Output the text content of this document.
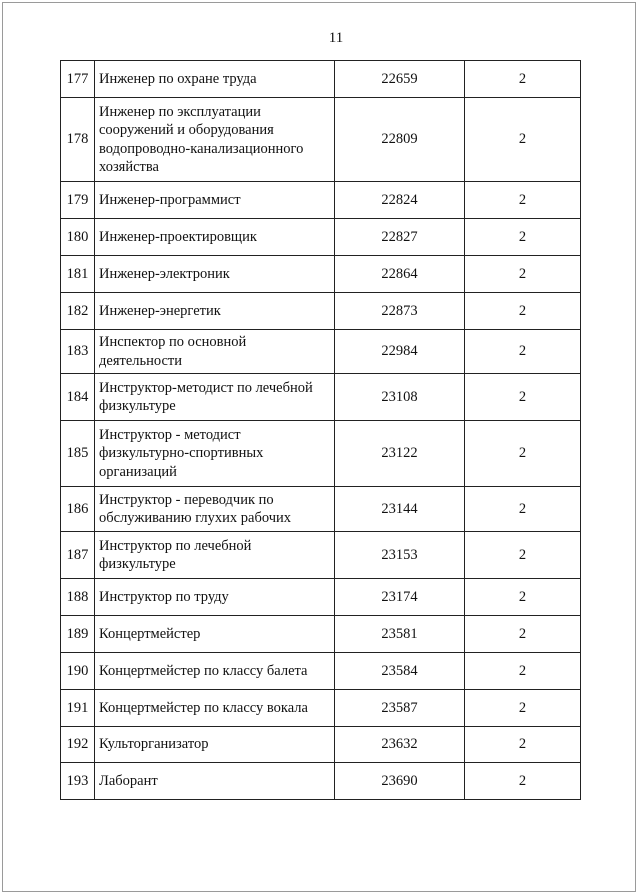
11
177	Инженер по охране труда	22659	2
178	Инженер по эксплуатации сооружений и оборудования водопроводно-канализационного хозяйства	22809	2
179	Инженер-программист	22824	2
180	Инженер-проектировщик	22827	2
181	Инженер-электроник	22864	2
182	Инженер-энергетик	22873	2
183	Инспектор по основной деятельности	22984	2
184	Инструктор-методист по лечебной физкультуре	23108	2
185	Инструктор - методист физкультурно-спортивных организаций	23122	2
186	Инструктор - переводчик по обслуживанию глухих рабочих	23144	2
187	Инструктор по лечебной физкультуре	23153	2
188	Инструктор по труду	23174	2
189	Концертмейстер	23581	2
190	Концертмейстер по классу балета	23584	2
191	Концертмейстер по классу вокала	23587	2
192	Культорганизатор	23632	2
193	Лаборант	23690	2
